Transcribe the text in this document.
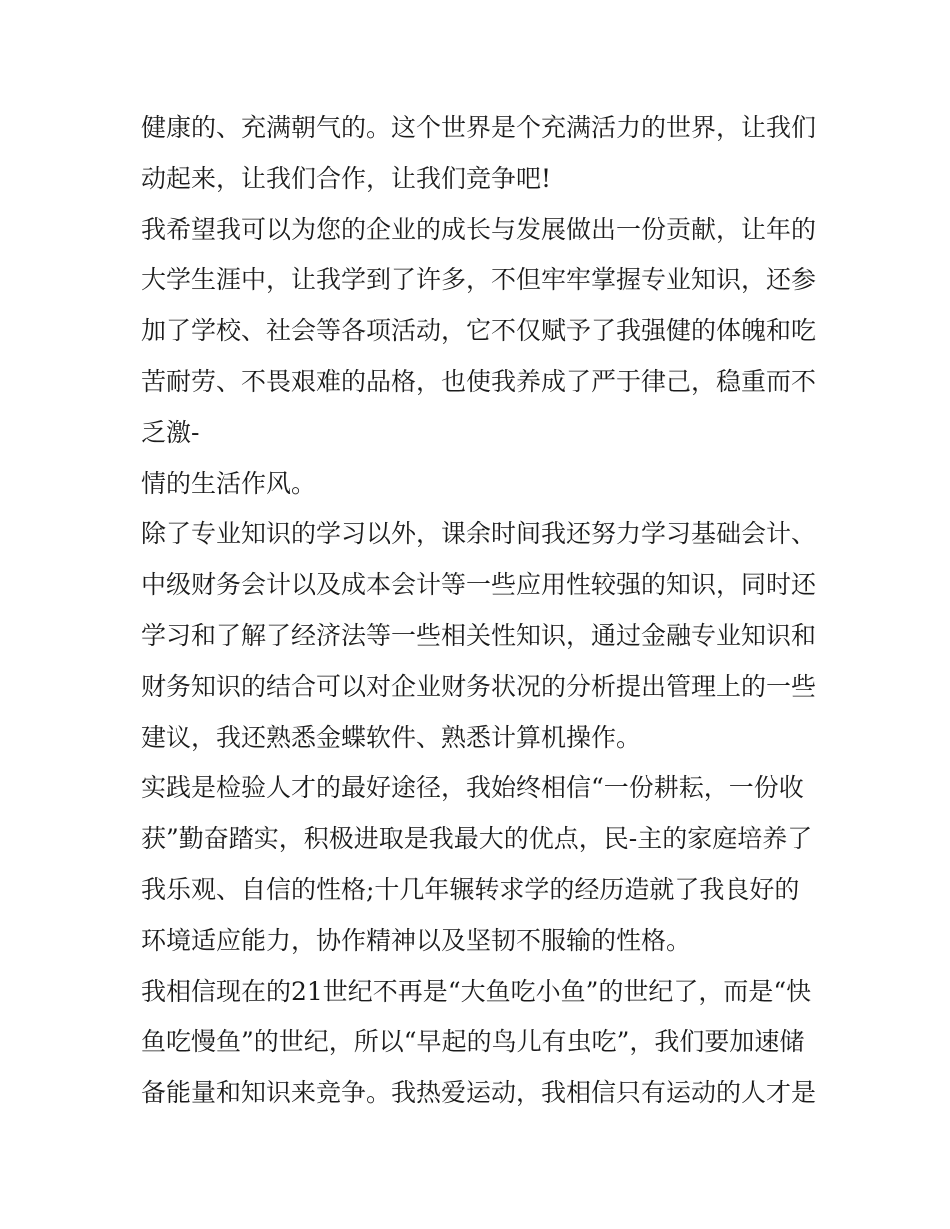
健康的、充满朝气的。这个世界是个充满活力的世界，让我们
动起来，让我们合作，让我们竞争吧!
我希望我可以为您的企业的成长与发展做出一份贡献，让年的
大学生涯中，让我学到了许多，不但牢牢掌握专业知识，还参
加了学校、社会等各项活动，它不仅赋予了我强健的体魄和吃
苦耐劳、不畏艰难的品格，也使我养成了严于律己，稳重而不
乏激-
情的生活作风。
除了专业知识的学习以外，课余时间我还努力学习基础会计、
中级财务会计以及成本会计等一些应用性较强的知识，同时还
学习和了解了经济法等一些相关性知识，通过金融专业知识和
财务知识的结合可以对企业财务状况的分析提出管理上的一些
建议，我还熟悉金蝶软件、熟悉计算机操作。
实践是检验人才的最好途径，我始终相信“一份耕耘，一份收
获”勤奋踏实，积极进取是我最大的优点，民-主的家庭培养了
我乐观、自信的性格;十几年辗转求学的经历造就了我良好的
环境适应能力，协作精神以及坚韧不服输的性格。
我相信现在的21世纪不再是“大鱼吃小鱼”的世纪了，而是“快
鱼吃慢鱼”的世纪，所以“早起的鸟儿有虫吃”，我们要加速储
备能量和知识来竞争。我热爱运动，我相信只有运动的人才是
